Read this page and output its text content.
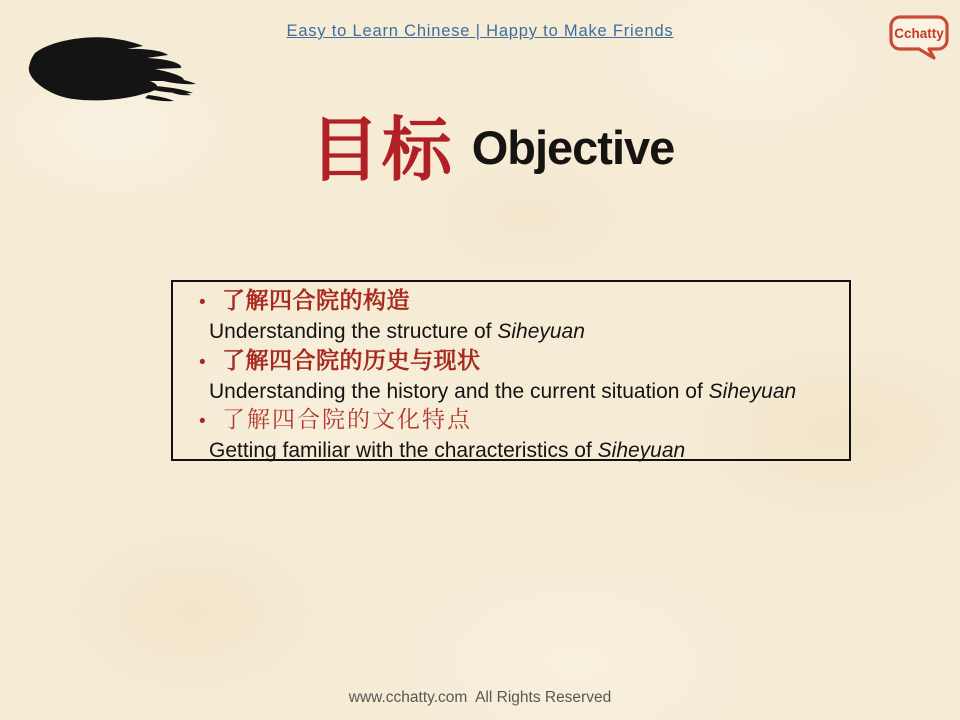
Easy to Learn Chinese | Happy to Make Friends	Cchatty
目标 Objective
• 了解四合院的构造
Understanding the structure of Siheyuan
• 了解四合院的历史与现状
Understanding the history and the current situation of Siheyuan
• 了解四合院的文化特点
Getting familiar with the characteristics of Siheyuan
www.cchatty.com  All Rights Reserved
